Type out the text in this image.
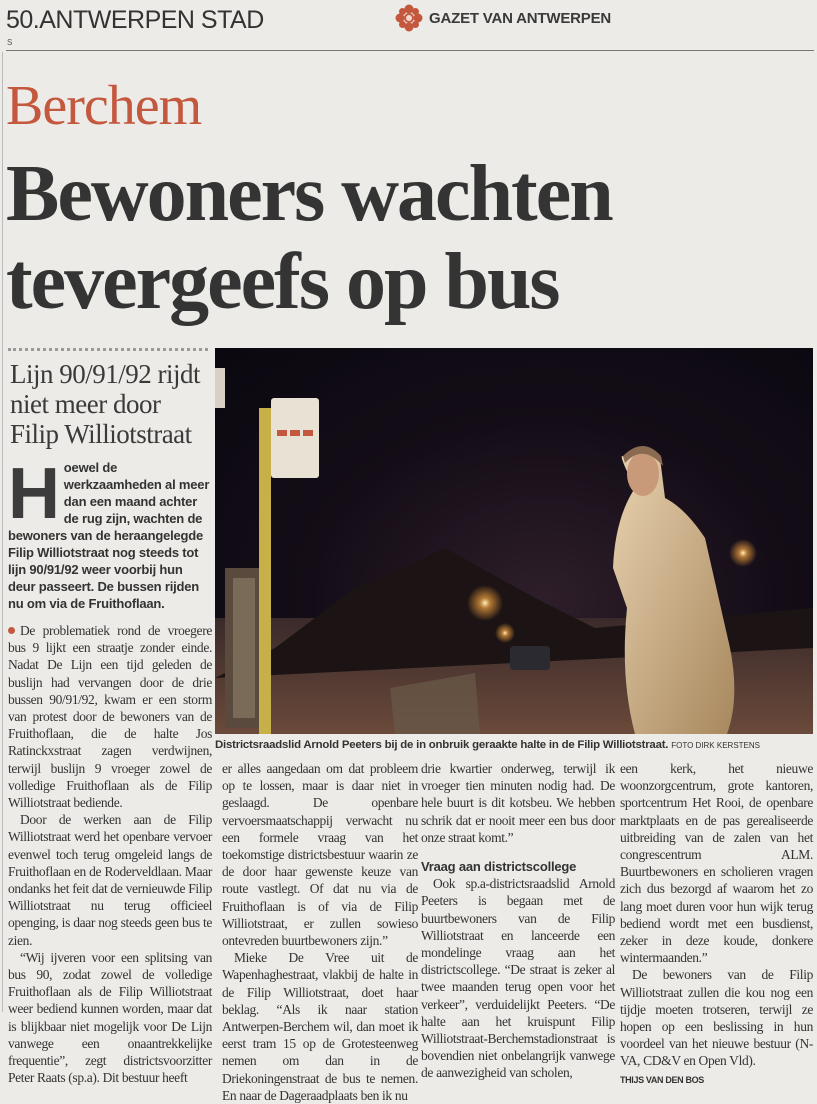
50.ANTWERPEN STAD
S
GAZET VAN ANTWERPEN
Berchem
Bewoners wachten
tevergeefs op bus
Lijn 90/91/92 rijdt niet meer door Filip Williotstraat
Hoewel de werkzaamheden al meer dan een maand achter de rug zijn, wachten de bewoners van de heraangelegde Filip Williotstraat nog steeds tot lijn 90/91/92 weer voorbij hun deur passeert. De bussen rijden nu om via de Fruithoflaan.

De problematiek rond de vroegere bus 9 lijkt een straatje zonder einde. Nadat De Lijn een tijd geleden de buslijn had vervangen door de drie bussen 90/91/92, kwam er een storm van protest door de bewoners van de Fruithoflaan, die de halte Jos Ratinckxstraat zagen verdwijnen, terwijl buslijn 9 vroeger zowel de volledige Fruithoflaan als de Filip Williotstraat bediende.

Door de werken aan de Filip Williotstraat werd het openbare vervoer evenwel toch terug omgeleid langs de Fruithoflaan en de Roderveldlaan. Maar ondanks het feit dat de vernieuwde Filip Williotstraat nu terug officieel openging, is daar nog steeds geen bus te zien.

“Wij ijveren voor een splitsing van bus 90, zodat zowel de volledige Fruithoflaan als de Filip Williotstraat weer bediend kunnen worden, maar dat is blijkbaar niet mogelijk voor De Lijn vanwege een onaantrekkelijke frequentie”, zegt districtsvoorzitter Peter Raats (sp.a). Dit bestuur heeft

Districtsraadslid Arnold Peeters bij de in onbruik geraakte halte in de Filip Williotstraat. FOTO DIRK KERSTENS

er alles aangedaan om dat probleem op te lossen, maar is daar niet in geslaagd. De openbare vervoersmaatschappij verwacht nu een formele vraag van het toekomstige districtsbestuur waarin ze de door haar gewenste keuze van route vastlegt. Of dat nu via de Fruithoflaan is of via de Filip Williotstraat, er zullen sowieso ontevreden buurtbewoners zijn.”

Mieke De Vree uit de Wapenhaghestraat, vlakbij de halte in de Filip Williotstraat, doet haar beklag. “Als ik naar station Antwerpen-Berchem wil, dan moet ik eerst tram 15 op de Grotesteenweg nemen om dan in de Driekoningenstraat de bus te nemen. En naar de Dageraadplaats ben ik nu

drie kwartier onderweg, terwijl ik vroeger tien minuten nodig had. De hele buurt is dit kotsbeu. We hebben schrik dat er nooit meer een bus door onze straat komt.”

Vraag aan districtscollege

Ook sp.a-districtsraadslid Arnold Peeters is begaan met de buurtbewoners van de Filip Williotstraat en lanceerde een mondelinge vraag aan het districtscollege. “De straat is zeker al twee maanden terug open voor het verkeer”, verduidelijkt Peeters. “De halte aan het kruispunt Filip Williotstraat-Berchemstadionstraat is bovendien niet onbelangrijk vanwege de aanwezigheid van scholen,

een kerk, het nieuwe woonzorgcentrum, grote kantoren, sportcentrum Het Rooi, de openbare marktplaats en de pas gerealiseerde uitbreiding van de zalen van het congrescentrum ALM. Buurtbewoners en scholieren vragen zich dus bezorgd af waarom het zo lang moet duren voor hun wijk terug bediend wordt met een busdienst, zeker in deze koude, donkere wintermaanden.”

De bewoners van de Filip Williotstraat zullen die kou nog een tijdje moeten trotseren, terwijl ze hopen op een beslissing in hun voordeel van het nieuwe bestuur (N-VA, CD&V en Open Vld).

THIJS VAN DEN BOS
